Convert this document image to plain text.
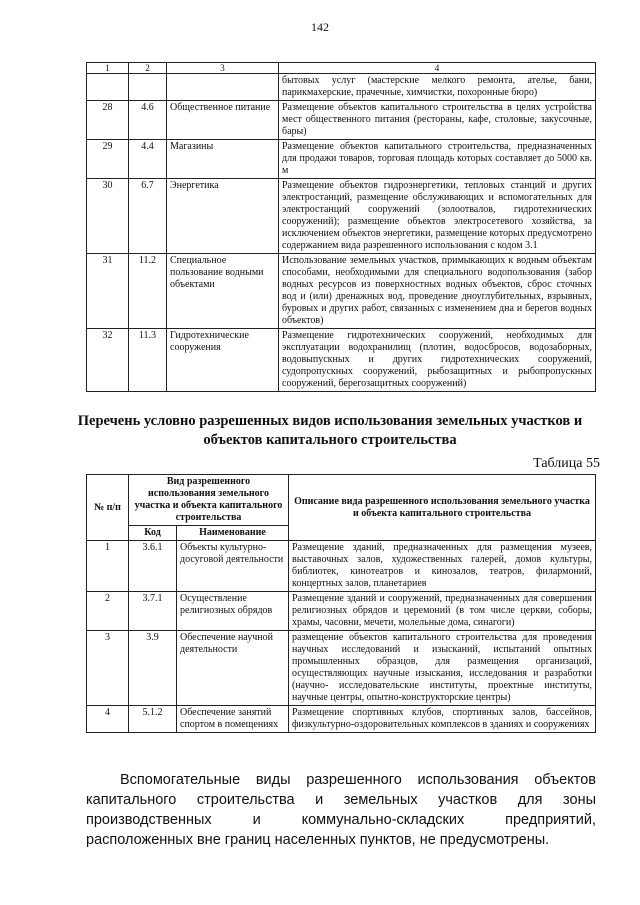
142
1	2	3	4
			бытовых услуг (мастерские мелкого ремонта, ателье, бани, парикмахерские, прачечные, химчистки, похоронные бюро)
28	4.6	Общественное питание	Размещение объектов капитального строительства в целях устройства мест общественного питания (рестораны, кафе, столовые, закусочные, бары)
29	4.4	Магазины	Размещение объектов капитального строительства, предназначенных для продажи товаров, торговая площадь которых составляет до 5000 кв. м
30	6.7	Энергетика	Размещение объектов гидроэнергетики, тепловых станций и других электростанций, размещение обслуживающих и вспомогательных для электростанций сооружений (золоотвалов, гидротехнических сооружений); размещение объектов электросетевого хозяйства, за исключением объектов энергетики, размещение которых предусмотрено содержанием вида разрешенного использования с кодом 3.1
31	11.2	Специальное пользование водными объектами	Использование земельных участков, примыкающих к водным объектам способами, необходимыми для специального водопользования (забор водных ресурсов из поверхностных водных объектов, сброс сточных вод и (или) дренажных вод, проведение дноуглубительных, взрывных, буровых и других работ, связанных с изменением дна и берегов водных объектов)
32	11.3	Гидротехнические сооружения	Размещение гидротехнических сооружений, необходимых для эксплуатации водохранилищ (плотин, водосбросов, водозаборных, водовыпускных и других гидротехнических сооружений, судопропускных сооружений, рыбозащитных и рыбопропускных сооружений, берегозащитных сооружений)
Перечень условно разрешенных видов использования земельных участков и объектов капитального строительства
Таблица 55
№ п/п	Вид разрешенного использования земельного участка и объекта капитального строительства		Описание вида разрешенного использования земельного участка и объекта капитального строительства
	Код	Наименование	
1	3.6.1	Объекты культурно-досуговой деятельности	Размещение зданий, предназначенных для размещения музеев, выставочных залов, художественных галерей, домов культуры, библиотек, кинотеатров и кинозалов, театров, филармоний, концертных залов, планетариев
2	3.7.1	Осуществление религиозных обрядов	Размещение зданий и сооружений, предназначенных для совершения религиозных обрядов и церемоний (в том числе церкви, соборы, храмы, часовни, мечети, молельные дома, синагоги)
3	3.9	Обеспечение научной деятельности	размещение объектов капитального строительства для проведения научных исследований и изысканий, испытаний опытных промышленных образцов, для размещения организаций, осуществляющих научные изыскания, исследования и разработки (научно- исследовательские институты, проектные институты, научные центры, опытно-конструкторские центры)
4	5.1.2	Обеспечение занятий спортом в помещениях	Размещение спортивных клубов, спортивных залов, бассейнов, физкультурно-оздоровительных комплексов в зданиях и сооружениях
Вспомогательные виды разрешенного использования объектов капитального строительства и земельных участков для зоны производственных и коммунально-складских предприятий, расположенных вне границ населенных пунктов, не предусмотрены.
